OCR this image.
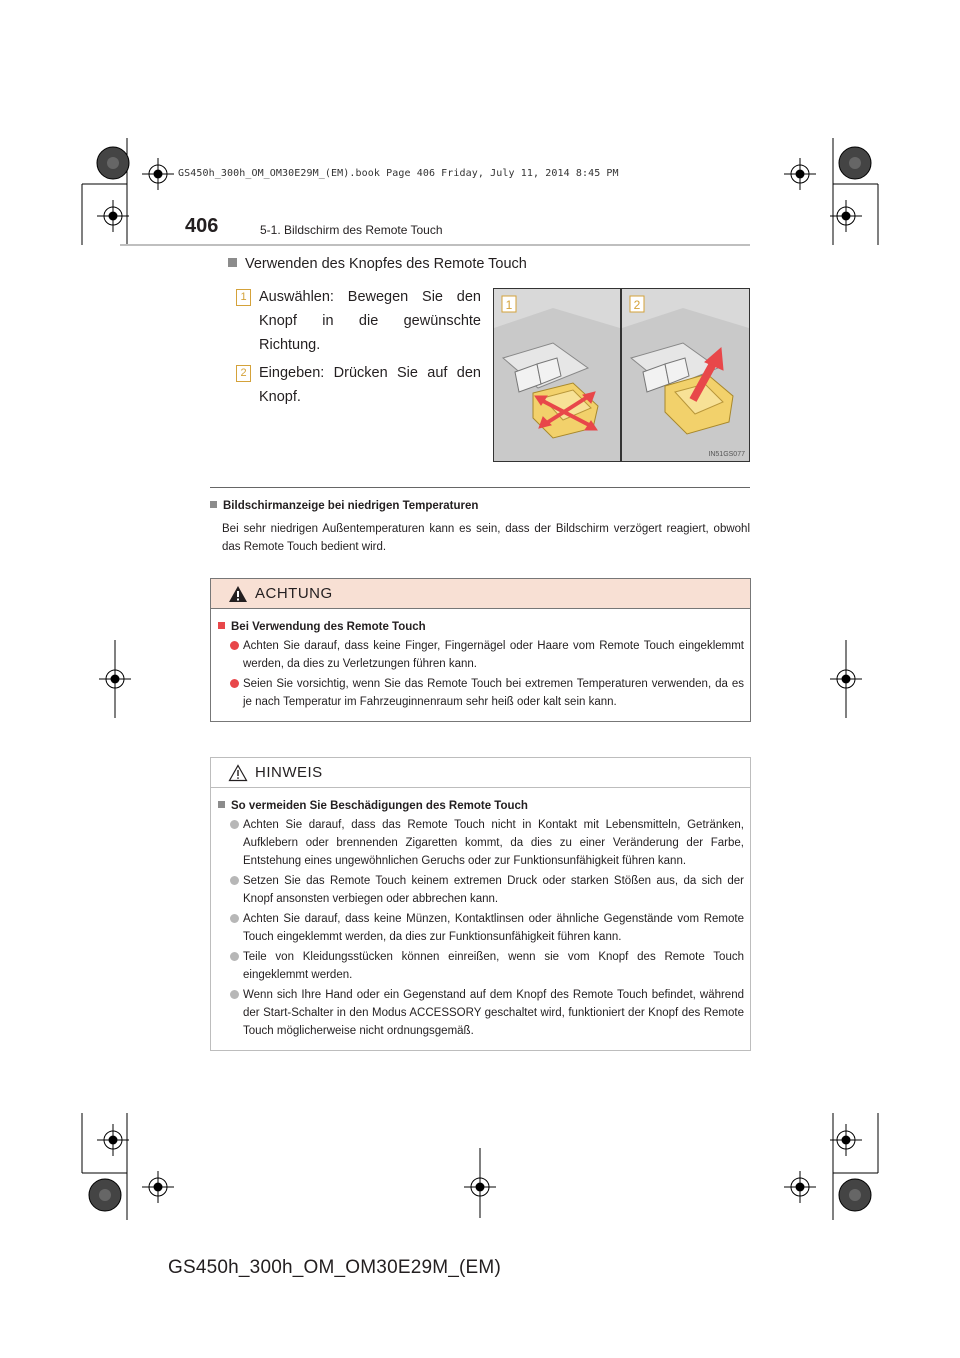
GS450h_300h_OM_OM30E29M_(EM).book Page 406 Friday, July 11, 2014 8:45 PM
406	5-1. Bildschirm des Remote Touch
Verwenden des Knopfes des Remote Touch
1 Auswählen: Bewegen Sie den Knopf in die gewünschte Richtung.
2 Eingeben: Drücken Sie auf den Knopf.
1	2
IN51GS077
Bildschirmanzeige bei niedrigen Temperaturen
Bei sehr niedrigen Außentemperaturen kann es sein, dass der Bildschirm verzögert reagiert, obwohl das Remote Touch bedient wird.
ACHTUNG
Bei Verwendung des Remote Touch
Achten Sie darauf, dass keine Finger, Fingernägel oder Haare vom Remote Touch eingeklemmt werden, da dies zu Verletzungen führen kann.
Seien Sie vorsichtig, wenn Sie das Remote Touch bei extremen Temperaturen verwenden, da es je nach Temperatur im Fahrzeuginnenraum sehr heiß oder kalt sein kann.
HINWEIS
So vermeiden Sie Beschädigungen des Remote Touch
Achten Sie darauf, dass das Remote Touch nicht in Kontakt mit Lebensmitteln, Getränken, Aufklebern oder brennenden Zigaretten kommt, da dies zu einer Veränderung der Farbe, Entstehung eines ungewöhnlichen Geruchs oder zur Funktionsunfähigkeit führen kann.
Setzen Sie das Remote Touch keinem extremen Druck oder starken Stößen aus, da sich der Knopf ansonsten verbiegen oder abbrechen kann.
Achten Sie darauf, dass keine Münzen, Kontaktlinsen oder ähnliche Gegenstände vom Remote Touch eingeklemmt werden, da dies zur Funktionsunfähigkeit führen kann.
Teile von Kleidungsstücken können einreißen, wenn sie vom Knopf des Remote Touch eingeklemmt werden.
Wenn sich Ihre Hand oder ein Gegenstand auf dem Knopf des Remote Touch befindet, während der Start-Schalter in den Modus ACCESSORY geschaltet wird, funktioniert der Knopf des Remote Touch möglicherweise nicht ordnungsgemäß.
GS450h_300h_OM_OM30E29M_(EM)
